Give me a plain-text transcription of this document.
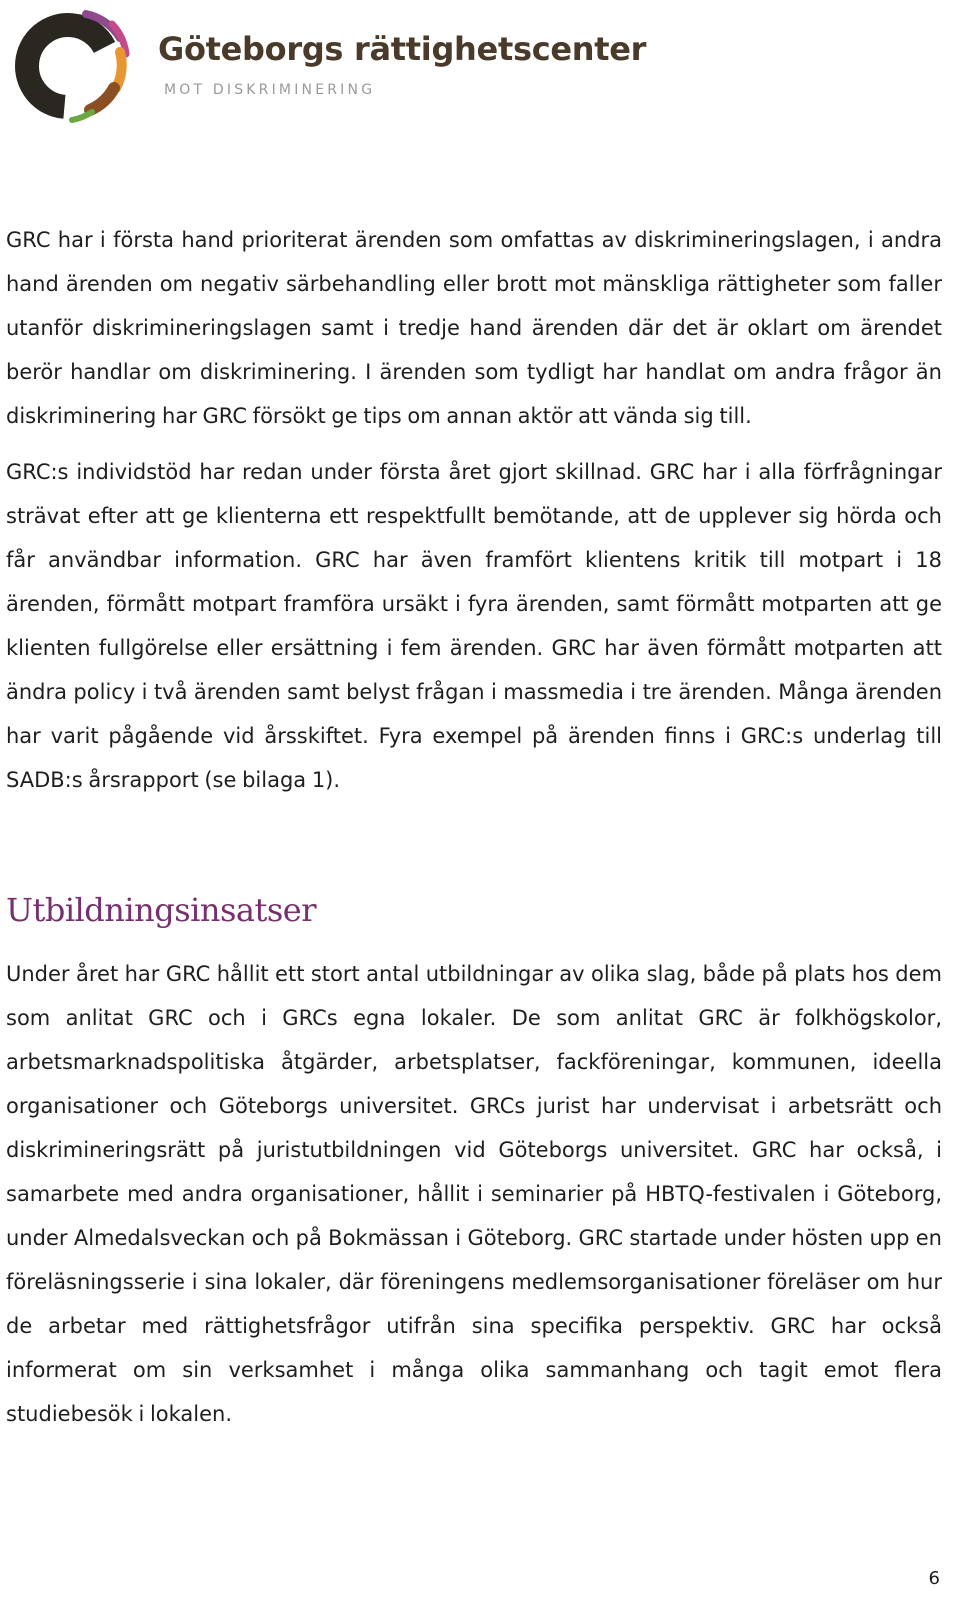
Göteborgs rättighetscenter
MOT DISKRIMINERING

GRC har i första hand prioriterat ärenden som omfattas av diskrimineringslagen, i andra hand ärenden om negativ särbehandling eller brott mot mänskliga rättigheter som faller utanför diskrimineringslagen samt i tredje hand ärenden där det är oklart om ärendet berör handlar om diskriminering. I ärenden som tydligt har handlat om andra frågor än diskriminering har GRC försökt ge tips om annan aktör att vända sig till.

GRC:s individstöd har redan under första året gjort skillnad. GRC har i alla förfrågningar strävat efter att ge klienterna ett respektfullt bemötande, att de upplever sig hörda och får användbar information. GRC har även framfört klientens kritik till motpart i 18 ärenden, förmått motpart framföra ursäkt i fyra ärenden, samt förmått motparten att ge klienten fullgörelse eller ersättning i fem ärenden. GRC har även förmått motparten att ändra policy i två ärenden samt belyst frågan i massmedia i tre ärenden. Många ärenden har varit pågående vid årsskiftet. Fyra exempel på ärenden finns i GRC:s underlag till SADB:s årsrapport (se bilaga 1).

Utbildningsinsatser

Under året har GRC hållit ett stort antal utbildningar av olika slag, både på plats hos dem som anlitat GRC och i GRCs egna lokaler. De som anlitat GRC är folkhögskolor, arbetsmarknadspolitiska åtgärder, arbetsplatser, fackföreningar, kommunen, ideella organisationer och Göteborgs universitet. GRCs jurist har undervisat i arbetsrätt och diskrimineringsrätt på juristutbildningen vid Göteborgs universitet. GRC har också, i samarbete med andra organisationer, hållit i seminarier på HBTQ-festivalen i Göteborg, under Almedalsveckan och på Bokmässan i Göteborg. GRC startade under hösten upp en föreläsningsserie i sina lokaler, där föreningens medlemsorganisationer föreläser om hur de arbetar med rättighetsfrågor utifrån sina specifika perspektiv. GRC har också informerat om sin verksamhet i många olika sammanhang och tagit emot flera studiebesök i lokalen.

6
